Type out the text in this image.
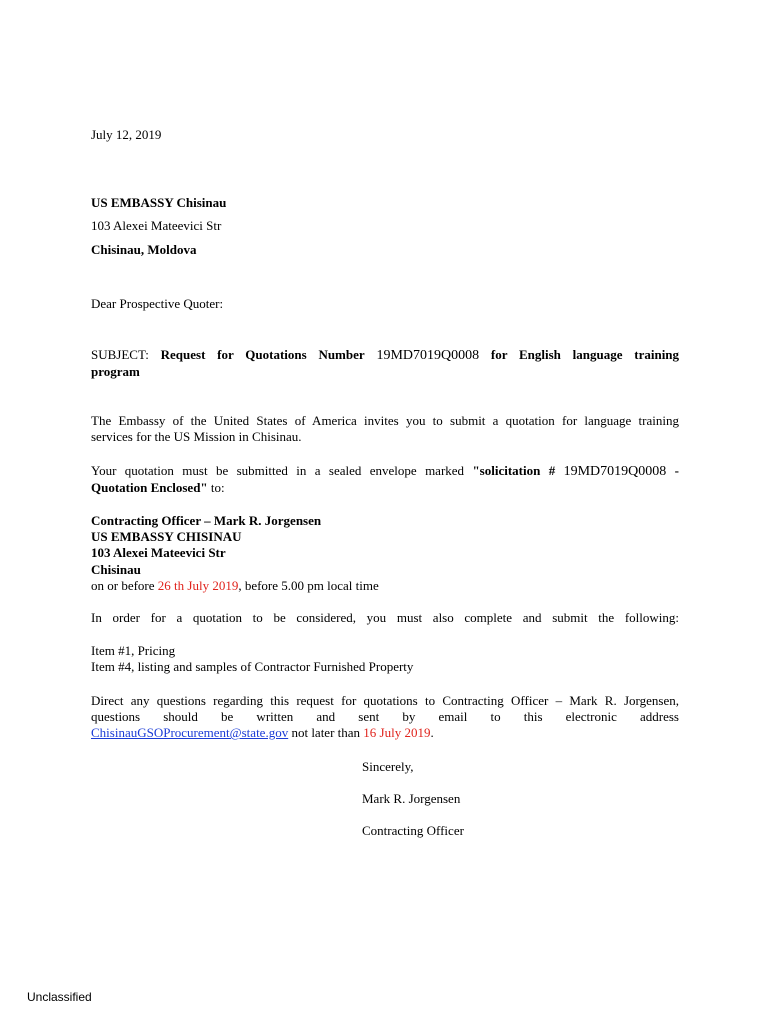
July 12, 2019
US EMBASSY Chisinau
103 Alexei Mateevici Str
Chisinau, Moldova
Dear Prospective Quoter:
SUBJECT: Request for Quotations Number 19MD7019Q0008 for English language training
program
The Embassy of the United States of America invites you to submit a quotation for language training
services for the US Mission in Chisinau.
Your quotation must be submitted in a sealed envelope marked "solicitation # 19MD7019Q0008 -
Quotation Enclosed" to:
Contracting Officer – Mark R. Jorgensen
US EMBASSY CHISINAU
103 Alexei Mateevici Str
Chisinau
on or before 26 th July 2019, before 5.00 pm local time
In order for a quotation to be considered, you must also complete and submit the following:
Item #1, Pricing
Item #4, listing and samples of Contractor Furnished Property
Direct any questions regarding this request for quotations to Contracting Officer – Mark R. Jorgensen,
questions should be written and sent by email to this electronic address
ChisinauGSOProcurement@state.gov not later than 16 July 2019.
Sincerely,
Mark R. Jorgensen
Contracting Officer
Unclassified
